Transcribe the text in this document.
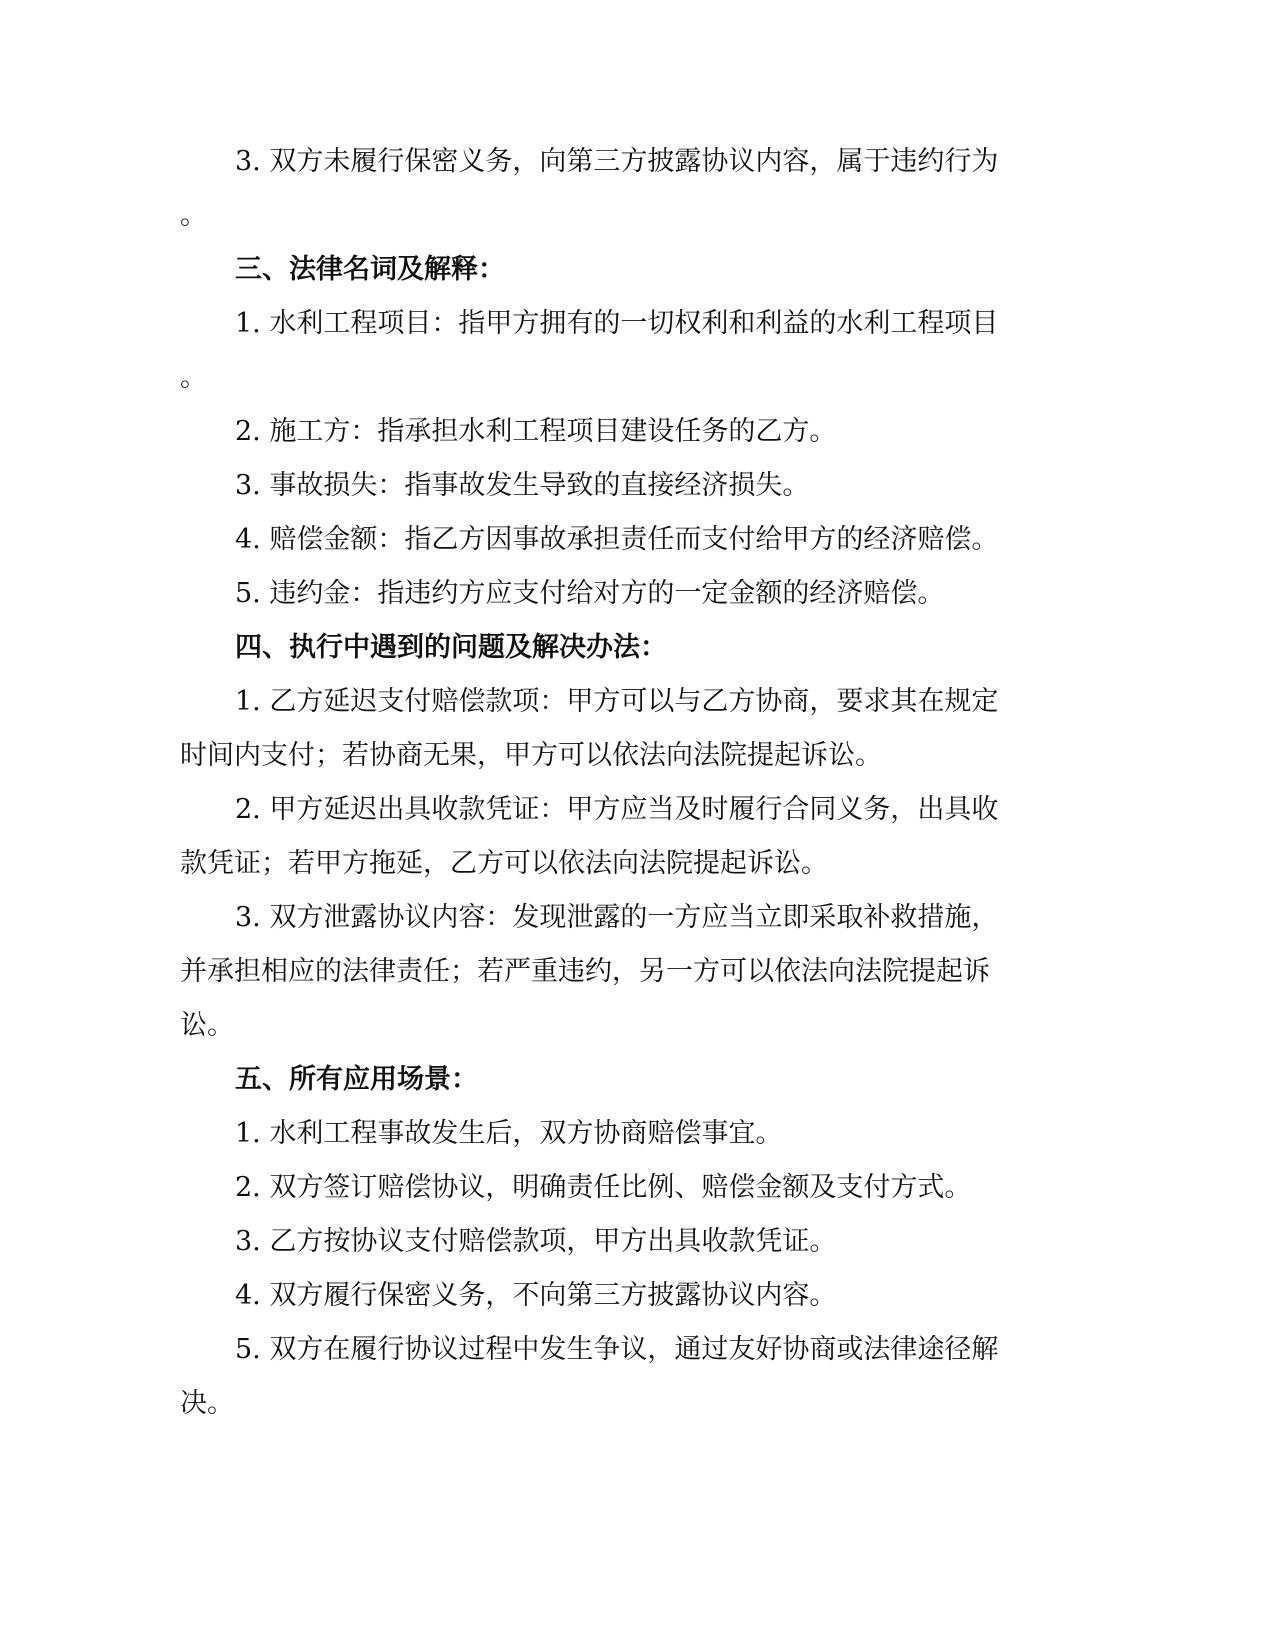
3. 双方未履行保密义务，向第三方披露协议内容，属于违约行为
。
三、法律名词及解释：
1. 水利工程项目：指甲方拥有的一切权利和利益的水利工程项目
。
2. 施工方：指承担水利工程项目建设任务的乙方。
3. 事故损失：指事故发生导致的直接经济损失。
4. 赔偿金额：指乙方因事故承担责任而支付给甲方的经济赔偿。
5. 违约金：指违约方应支付给对方的一定金额的经济赔偿。
四、执行中遇到的问题及解决办法：
1. 乙方延迟支付赔偿款项：甲方可以与乙方协商，要求其在规定
时间内支付；若协商无果，甲方可以依法向法院提起诉讼。
2. 甲方延迟出具收款凭证：甲方应当及时履行合同义务，出具收
款凭证；若甲方拖延，乙方可以依法向法院提起诉讼。
3. 双方泄露协议内容：发现泄露的一方应当立即采取补救措施，
并承担相应的法律责任；若严重违约，另一方可以依法向法院提起诉
讼。
五、所有应用场景：
1. 水利工程事故发生后，双方协商赔偿事宜。
2. 双方签订赔偿协议，明确责任比例、赔偿金额及支付方式。
3. 乙方按协议支付赔偿款项，甲方出具收款凭证。
4. 双方履行保密义务，不向第三方披露协议内容。
5. 双方在履行协议过程中发生争议，通过友好协商或法律途径解
决。
